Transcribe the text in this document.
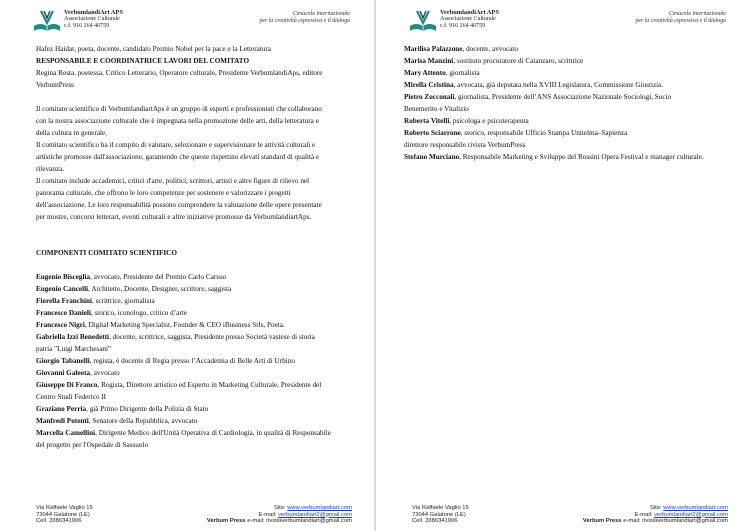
VerbumlandiArt APS
Associazione Culturale
c.f. 910 264 40759
Cenacolo internazionale
per la creatività espressiva e il dialogo

Hafez Haidar, poeta, docente, candidato Premio Nobel per la pace e la Letteratura

RESPONSABILE E COORDINATRICE LAVORI DEL COMITATO

Regina Resta, poetessa, Critico Letterario, Operatore culturale, Presidente VerbumlandiAps, editore

VerbumPress

Il comitato scientifico di VerbumlandiartAps è un gruppo di esperti e professionisti che collaborano

con la nostra associazione culturale che è impegnata nella promozione delle arti, della letteratura e

della cultura in generale.

Il comitato scientifico ha il compito di valutare, selezionare e supervisionare le attività culturali e

artistiche promosse dall'associazione, garantendo che queste rispettino elevati standard di qualità e

rilevanza.

Il comitato include accademici, critici d'arte, politici, scrittori, artisti e altre figure di rilievo nel

panorama culturale, che offrono le loro competenze per sostenere e valorizzare i progetti

dell'associazione. Le loro responsabilità possono comprendere la valutazione delle opere presentate

per mostre, concorsi letterari, eventi culturali e altre iniziative promosse da VerbumlandiartAps.

COMPONENTI COMITATO SCIENTIFICO

Eugenio Bisceglia, avvocato, Presidente del Premio Carlo Caruso

Eugenio Cancelli, Architetto, Docente, Designer, scrittore, saggista

Fiorella Franchini, scrittrice, giornalista

Francesco Danieli, storico, iconologo, critico d’arte

Francesco Nigri, Digital Marketing Specialist, Founder & CEO iBusiness Srls, Poeta.

Gabriella Izzi Benedetti, docente, scrittrice, saggista, Presidente presso Società vastese di storia

patria "Luigi Marchesani"

Giorgio Tabanelli, regista, è docente di Regia presso l’Accademia di Belle Arti di Urbino

Giovanni Galeota, avvocato

Giuseppe Di Franco, Regista, Direttore artistico ed Esperto in Marketing Culturale, Presidente del

Centro Studi Federico II

Graziano Perria, già Primo Dirigente della Polizia di Stato

Manfredi Potenti, Senatore della Repubblica, avvocato

Marcella Camellini, Dirigente Medico dell'Unità Operativa di Cardiologia, in qualità di Responsabile

del progetto per l'Ospedale di Sassuolo

Via Raffaele Vaglio 15
73044 Galatone (LE)
Cell. 3386341006
Sito: www.verbumlandiart.com
E-mail: verbumlandiart2@gmail.com
Verbum Press e-mail: rivistaverbumlandiart@gmail.com
VerbumlandiArt APS
Associazione Culturale
c.f. 910 264 40759
Cenacolo internazionale
per la creatività espressiva e il dialogo

Marilisa Palazzone, docente, avvocato

Marisa Manzini, sostituto procuratore di Catanzaro, scrittrice

Mary Attento, giornalista

Mirella Cristina, avvocata, già deputata nella XVIII Legislatura, Commissione Giustizia.

Pietro Zocconali, giornalista, Presidente dell’ANS Associazione Nazionale Sociologi, Socio

Benemerito e Vitalizio

Roberta Vitelli, psicologa e psicoterapeuta

Roberto Sciarrone, storico, responsabile Ufficio Stampa Unitelma–Sapienza

direttore responsabile rivista VerbumPress

Stefano Murciano, Responsabile Marketing e Sviluppo del Rossini Opera Festival e manager culturale.

Via Raffaele Vaglio 15
73044 Galatone (LE)
Cell. 3386341006
Sito: www.verbumlandiart.com
E-mail: verbumlandiart2@gmail.com
Verbum Press e-mail: rivistaverbumlandiart@gmail.com
